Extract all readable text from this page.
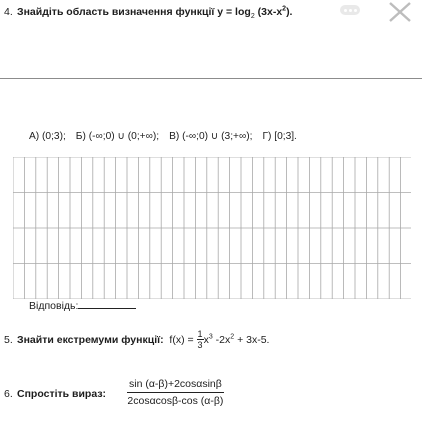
4. Знайдіть область визначення функції $y = \log_2 (3х-х^2)$.
А) (0;3); Б) (-∞;0) ∪ (0;+∞); В) (-∞;0) ∪ (3;+∞); Г) [0;3].
Відповідь:
5. Знайти екстремуми функції: $f(x) = \frac{1}{3} x^3$ $-2x^2 + 3x-5$.
6. Спростіть вираз: $\frac{\sin (\alpha-\beta)+2\cos\alpha\sin\beta}{2\cos\alpha\cos\beta-\cos (\alpha-\beta)}$
